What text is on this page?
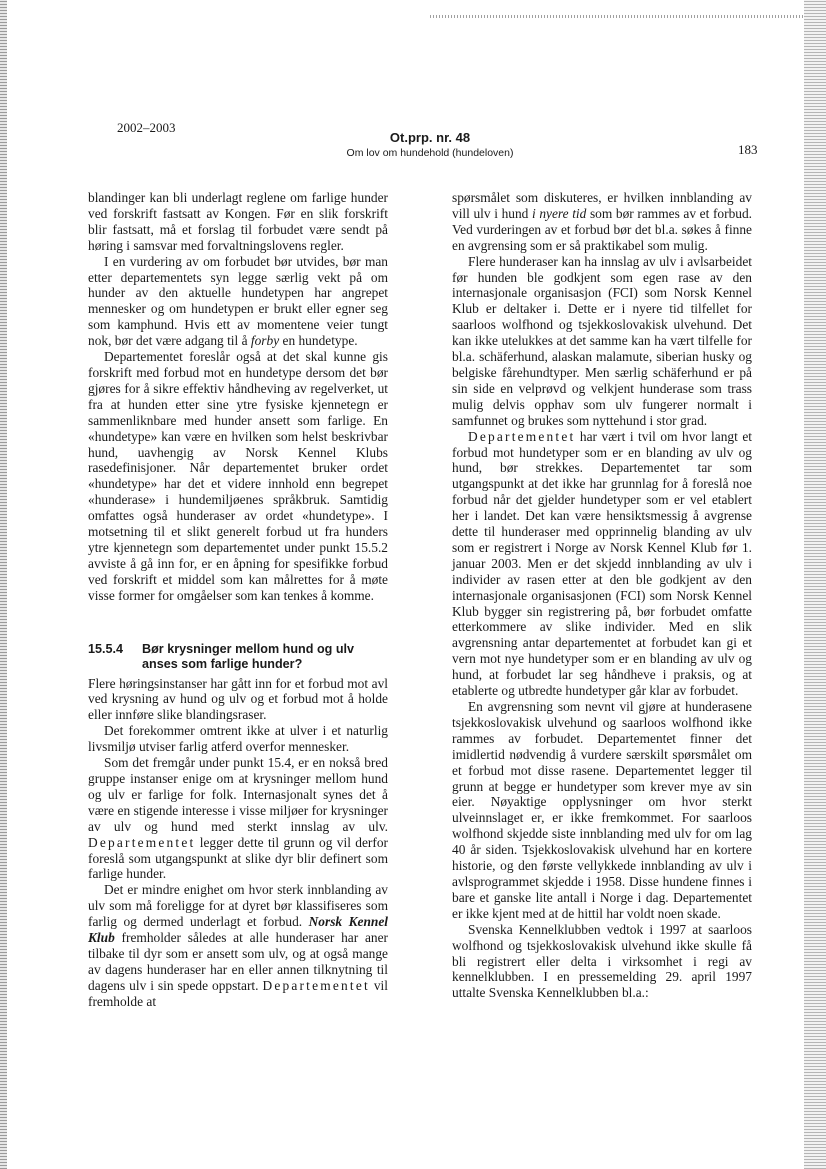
2002–2003
Ot.prp. nr. 48
Om lov om hundehold (hundeloven)	183

blandinger kan bli underlagt reglene om farlige hunder ved forskrift fastsatt av Kongen. Før en slik forskrift blir fastsatt, må et forslag til forbudet være sendt på høring i samsvar med forvaltningslovens regler.

I en vurdering av om forbudet bør utvides, bør man etter departementets syn legge særlig vekt på om hunder av den aktuelle hundetypen har angrepet mennesker og om hundetypen er brukt eller egner seg som kamphund. Hvis ett av momentene veier tungt nok, bør det være adgang til å forby en hundetype.

Departementet foreslår også at det skal kunne gis forskrift med forbud mot en hundetype dersom det bør gjøres for å sikre effektiv håndheving av regelverket, ut fra at hunden etter sine ytre fysiske kjennetegn er sammenliknbare med hunder ansett som farlige. En «hundetype» kan være en hvilken som helst beskrivbar hund, uavhengig av Norsk Kennel Klubs rasedefinisjoner. Når departementet bruker ordet «hundetype» har det et videre innhold enn begrepet «hunderase» i hundemiljøenes språkbruk. Samtidig omfattes også hunderaser av ordet «hundetype». I motsetning til et slikt generelt forbud ut fra hunders ytre kjennetegn som departementet under punkt 15.5.2 avviste å gå inn for, er en åpning for spesifikke forbud ved forskrift et middel som kan målrettes for å møte visse former for omgåelser som kan tenkes å komme.

15.5.4	Bør krysninger mellom hund og ulv anses som farlige hunder?

Flere høringsinstanser har gått inn for et forbud mot avl ved krysning av hund og ulv og et forbud mot å holde eller innføre slike blandingsraser.

Det forekommer omtrent ikke at ulver i et naturlig livsmiljø utviser farlig atferd overfor mennesker.

Som det fremgår under punkt 15.4, er en nokså bred gruppe instanser enige om at krysninger mellom hund og ulv er farlige for folk. Internasjonalt synes det å være en stigende interesse i visse miljøer for krysninger av ulv og hund med sterkt innslag av ulv. Departementet legger dette til grunn og vil derfor foreslå som utgangspunkt at slike dyr blir definert som farlige hunder.

Det er mindre enighet om hvor sterk innblanding av ulv som må foreligge for at dyret bør klassifiseres som farlig og dermed underlagt et forbud. Norsk Kennel Klub fremholder således at alle hunderaser har aner tilbake til dyr som er ansett som ulv, og at også mange av dagens hunderaser har en eller annen tilknytning til dagens ulv i sin spede oppstart. Departementet vil fremholde at

spørsmålet som diskuteres, er hvilken innblanding av vill ulv i hund i nyere tid som bør rammes av et forbud. Ved vurderingen av et forbud bør det bl.a. søkes å finne en avgrensing som er så praktikabel som mulig.

Flere hunderaser kan ha innslag av ulv i avlsarbeidet før hunden ble godkjent som egen rase av den internasjonale organisasjon (FCI) som Norsk Kennel Klub er deltaker i. Dette er i nyere tid tilfellet for saarloos wolfhond og tsjekkoslovakisk ulvehund. Det kan ikke utelukkes at det samme kan ha vært tilfelle for bl.a. schäferhund, alaskan malamute, siberian husky og belgiske fårehundtyper. Men særlig schäferhund er på sin side en velprøvd og velkjent hunderase som trass mulig delvis opphav som ulv fungerer normalt i samfunnet og brukes som nyttehund i stor grad.

Departementet har vært i tvil om hvor langt et forbud mot hundetyper som er en blanding av ulv og hund, bør strekkes. Departementet tar som utgangspunkt at det ikke har grunnlag for å foreslå noe forbud når det gjelder hundetyper som er vel etablert her i landet. Det kan være hensiktsmessig å avgrense dette til hunderaser med opprinnelig blanding av ulv som er registrert i Norge av Norsk Kennel Klub før 1. januar 2003. Men er det skjedd innblanding av ulv i individer av rasen etter at den ble godkjent av den internasjonale organisasjonen (FCI) som Norsk Kennel Klub bygger sin registrering på, bør forbudet omfatte etterkommere av slike individer. Med en slik avgrensning antar departementet at forbudet kan gi et vern mot nye hundetyper som er en blanding av ulv og hund, at forbudet lar seg håndheve i praksis, og at etablerte og utbredte hundetyper går klar av forbudet.

En avgrensning som nevnt vil gjøre at hunderasene tsjekkoslovakisk ulvehund og saarloos wolfhond ikke rammes av forbudet. Departementet finner det imidlertid nødvendig å vurdere særskilt spørsmålet om et forbud mot disse rasene. Departementet legger til grunn at begge er hundetyper som krever mye av sin eier. Nøyaktige opplysninger om hvor sterkt ulveinnslaget er, er ikke fremkommet. For saarloos wolfhond skjedde siste innblanding med ulv for om lag 40 år siden. Tsjekkoslovakisk ulvehund har en kortere historie, og den første vellykkede innblanding av ulv i avlsprogrammet skjedde i 1958. Disse hundene finnes i bare et ganske lite antall i Norge i dag. Departementet er ikke kjent med at de hittil har voldt noen skade.

Svenska Kennelklubben vedtok i 1997 at saarloos wolfhond og tsjekkoslovakisk ulvehund ikke skulle få bli registrert eller delta i virksomhet i regi av kennelklubben. I en pressemelding 29. april 1997 uttalte Svenska Kennelklubben bl.a.:
